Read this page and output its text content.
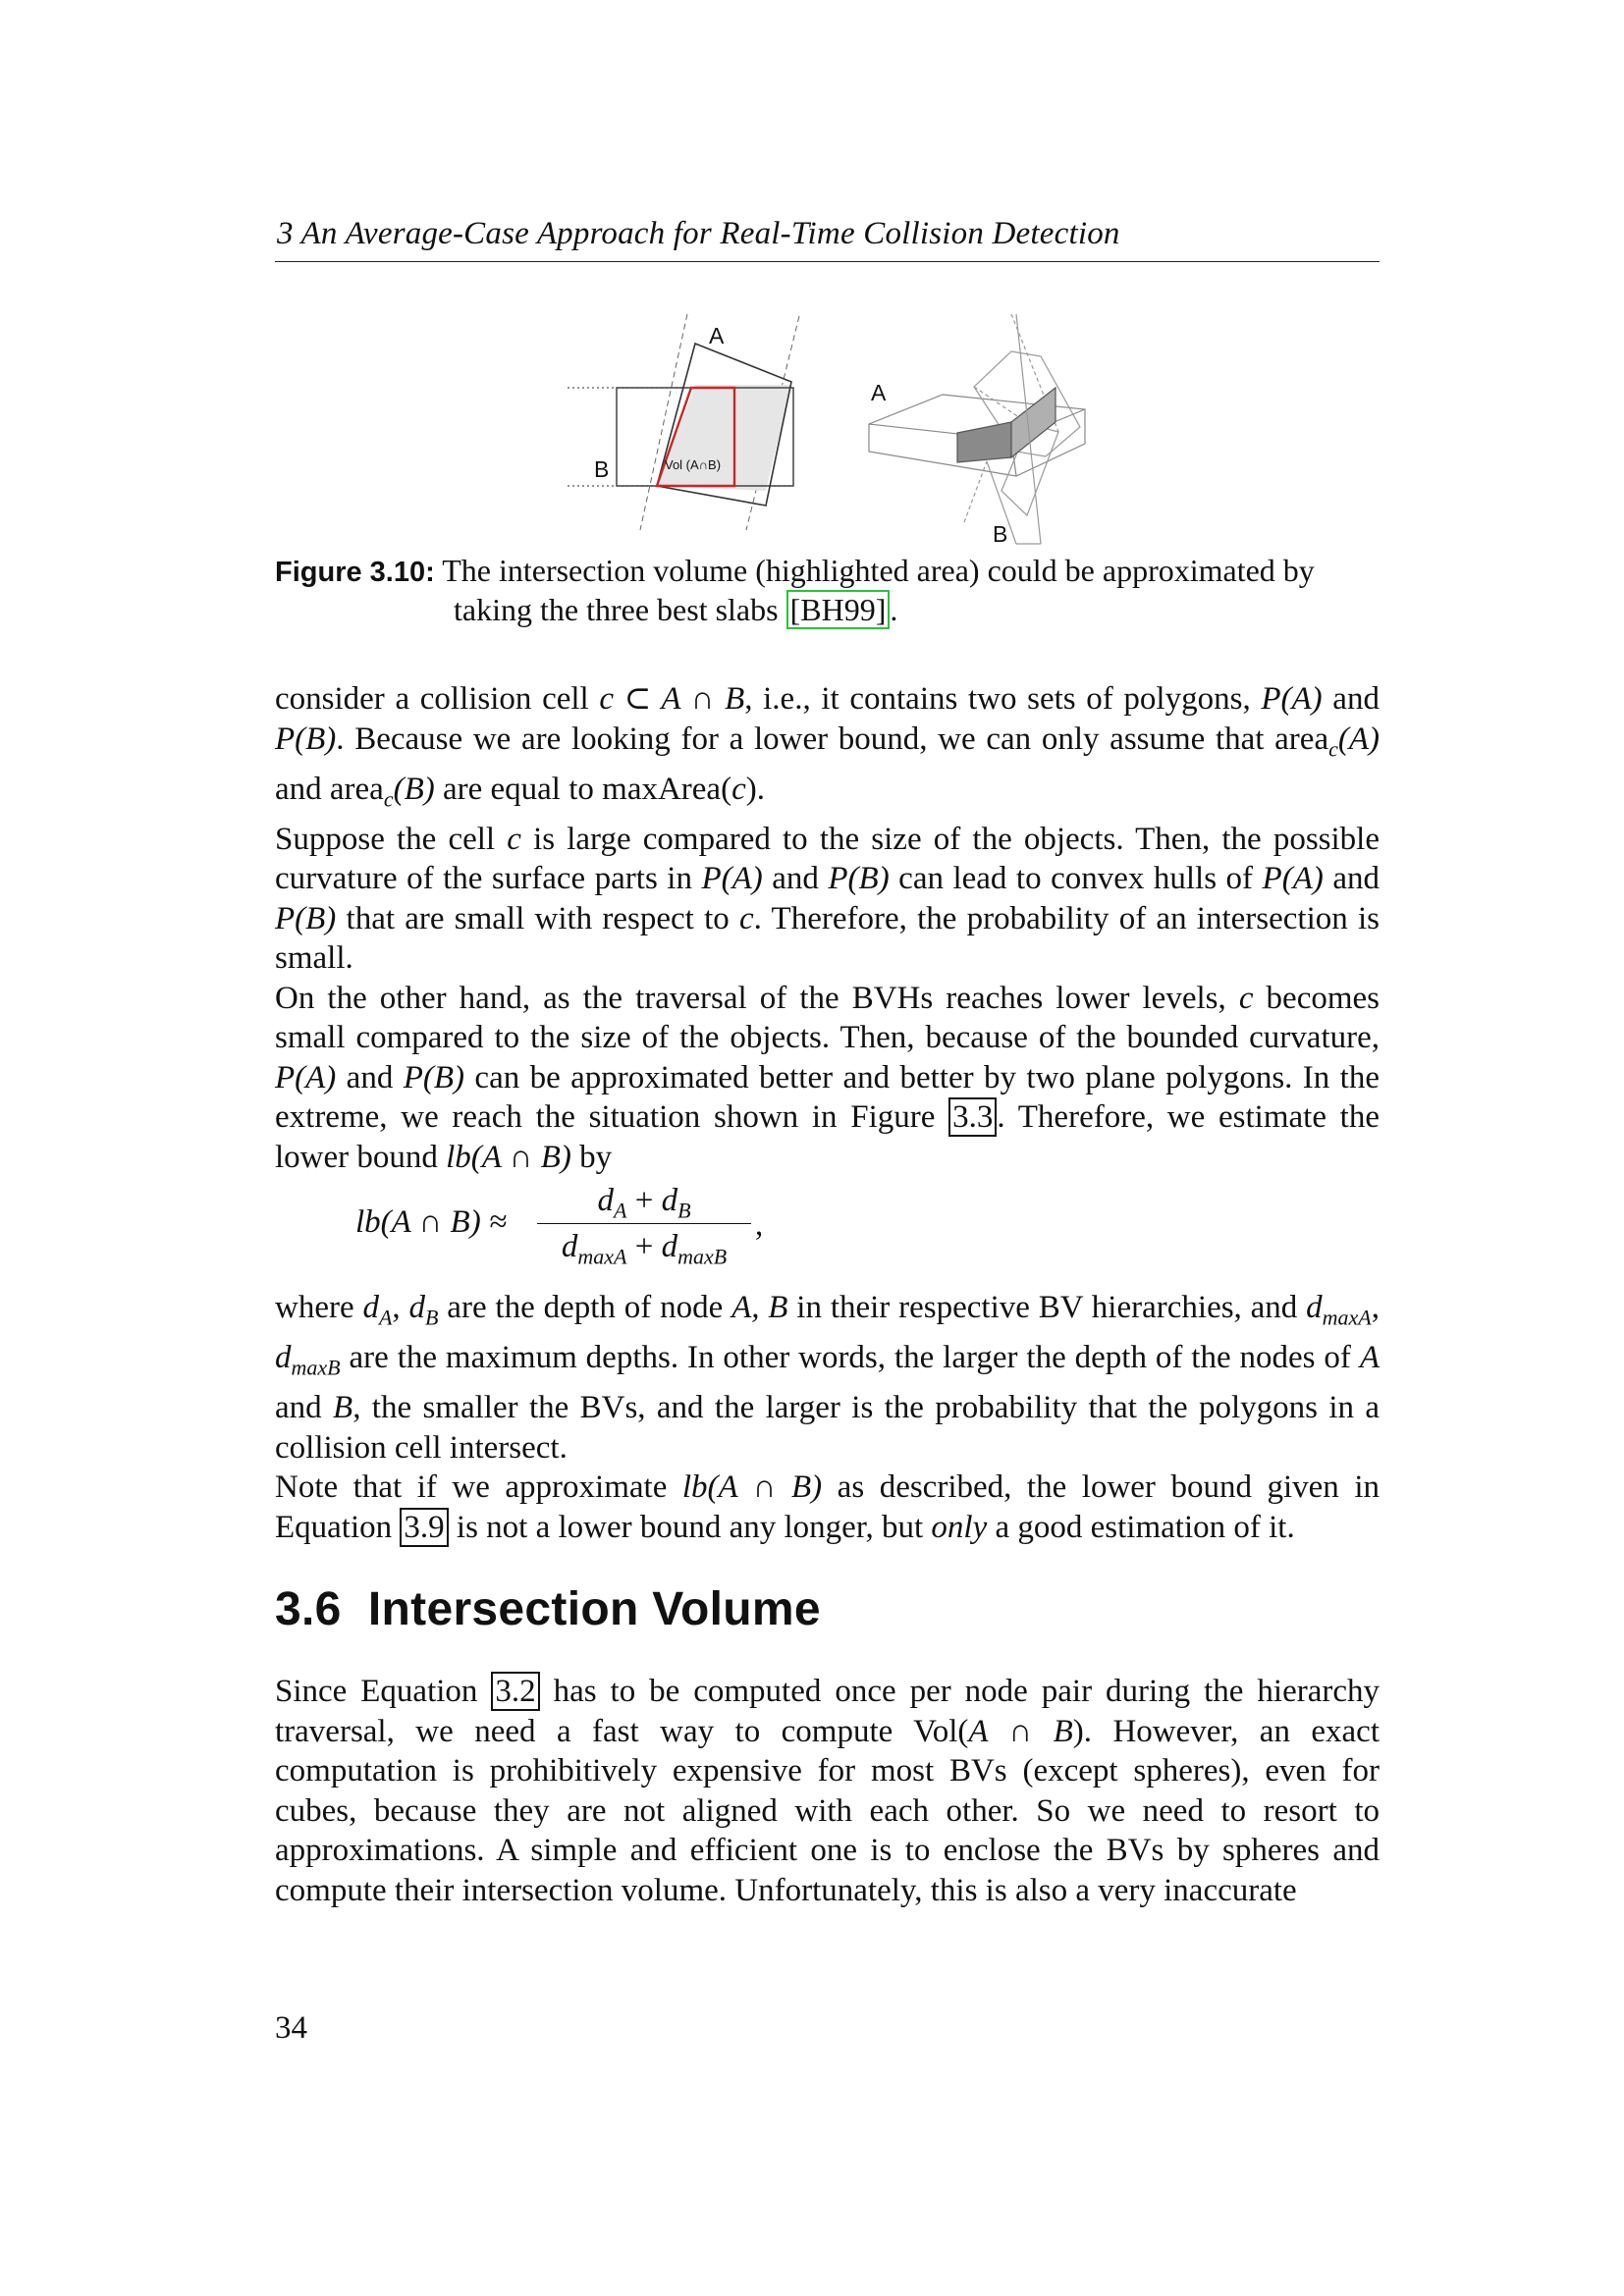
3 An Average-Case Approach for Real-Time Collision Detection
A
B	Vol (A∩B)
A
B
Figure 3.10: The intersection volume (highlighted area) could be approximated by
taking the three best slabs [BH99] .

consider a collision cell c ⊂ A ∩ B, i.e., it contains two sets of polygons, P(A) and P(B). Because we are looking for a lower bound, we can only assume that area$_c$(A) and area$_c$(B) are equal to maxArea(c).

Suppose the cell c is large compared to the size of the objects. Then, the possible curvature of the surface parts in P(A) and P(B) can lead to convex hulls of P(A) and P(B) that are small with respect to c. Therefore, the probability of an intersection is small.

On the other hand, as the traversal of the BVHs reaches lower levels, c becomes small compared to the size of the objects. Then, because of the bounded curvature, P(A) and P(B) can be approximated better and better by two plane polygons. In the extreme, we reach the situation shown in Figure 3.3 . Therefore, we estimate the lower bound lb(A ∩ B) by

lb(A ∩ B) ≈
$d_A + d_B$
$d_{maxA} + d_{maxB}$
,

where $d_A$, $d_B$ are the depth of node A, B in their respective BV hierarchies, and $d_{maxA}$, $d_{maxB}$ are the maximum depths. In other words, the larger the depth of the nodes of A and B, the smaller the BVs, and the larger is the probability that the polygons in a collision cell intersect.

Note that if we approximate lb(A ∩ B) as described, the lower bound given in Equation 3.9 is not a lower bound any longer, but only a good estimation of it.

3.6 Intersection Volume

Since Equation 3.2 has to be computed once per node pair during the hierarchy traversal, we need a fast way to compute Vol(A ∩ B). However, an exact computation is prohibitively expensive for most BVs (except spheres), even for cubes, because they are not aligned with each other. So we need to resort to approximations. A simple and efficient one is to enclose the BVs by spheres and compute their intersection volume. Unfortunately, this is also a very inaccurate

34
